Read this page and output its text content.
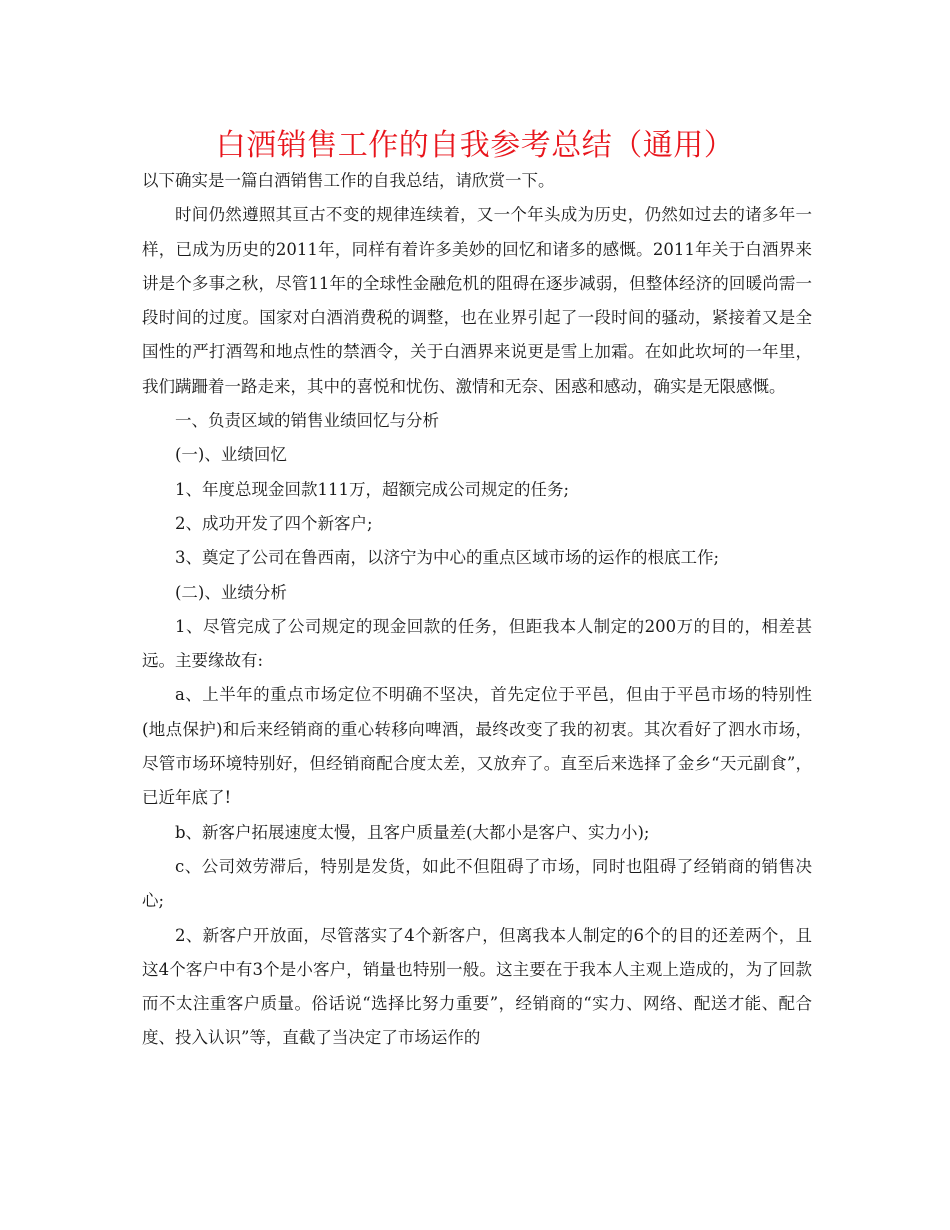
白酒销售工作的自我参考总结（通用）

以下确实是一篇白酒销售工作的自我总结，请欣赏一下。

时间仍然遵照其亘古不变的规律连续着，又一个年头成为历史，仍然如过去的诸多年一样，已成为历史的2011年，同样有着许多美妙的回忆和诸多的感慨。2011年关于白酒界来讲是个多事之秋，尽管11年的全球性金融危机的阻碍在逐步减弱，但整体经济的回暖尚需一段时间的过度。国家对白酒消费税的调整，也在业界引起了一段时间的骚动，紧接着又是全国性的严打酒驾和地点性的禁酒令，关于白酒界来说更是雪上加霜。在如此坎坷的一年里，我们蹒跚着一路走来，其中的喜悦和忧伤、激情和无奈、困惑和感动，确实是无限感慨。

一、负责区域的销售业绩回忆与分析

(一)、业绩回忆

1、年度总现金回款111万，超额完成公司规定的任务;

2、成功开发了四个新客户;

3、奠定了公司在鲁西南，以济宁为中心的重点区域市场的运作的根底工作;

(二)、业绩分析

1、尽管完成了公司规定的现金回款的任务，但距我本人制定的200万的目的，相差甚远。主要缘故有:

a、上半年的重点市场定位不明确不坚决，首先定位于平邑，但由于平邑市场的特别性(地点保护)和后来经销商的重心转移向啤酒，最终改变了我的初衷。其次看好了泗水市场，尽管市场环境特别好，但经销商配合度太差，又放弃了。直至后来选择了金乡“天元副食”，已近年底了!

b、新客户拓展速度太慢，且客户质量差(大都小是客户、实力小);

c、公司效劳滞后，特别是发货，如此不但阻碍了市场，同时也阻碍了经销商的销售决心;

2、新客户开放面，尽管落实了4个新客户，但离我本人制定的6个的目的还差两个，且这4个客户中有3个是小客户，销量也特别一般。这主要在于我本人主观上造成的，为了回款而不太注重客户质量。俗话说“选择比努力重要”，经销商的“实力、网络、配送才能、配合度、投入认识”等，直截了当决定了市场运作的
